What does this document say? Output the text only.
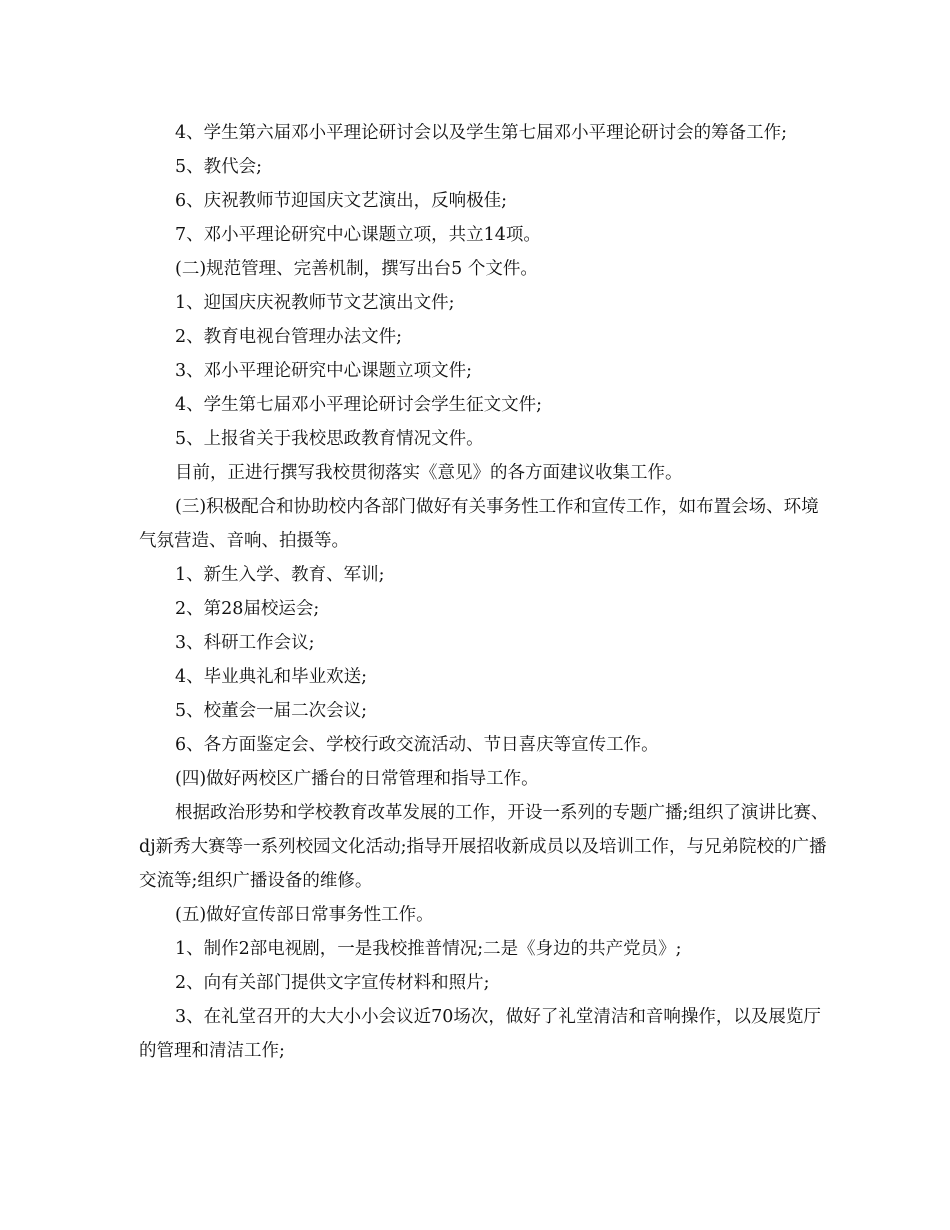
4、学生第六届邓小平理论研讨会以及学生第七届邓小平理论研讨会的筹备工作;

5、教代会;

6、庆祝教师节迎国庆文艺演出，反响极佳;

7、邓小平理论研究中心课题立项，共立14项。

(二)规范管理、完善机制，撰写出台5 个文件。

1、迎国庆庆祝教师节文艺演出文件;

2、教育电视台管理办法文件;

3、邓小平理论研究中心课题立项文件;

4、学生第七届邓小平理论研讨会学生征文文件;

5、上报省关于我校思政教育情况文件。

目前，正进行撰写我校贯彻落实《意见》的各方面建议收集工作。

(三)积极配合和协助校内各部门做好有关事务性工作和宣传工作，如布置会场、环境气氛营造、音响、拍摄等。

1、新生入学、教育、军训;

2、第28届校运会;

3、科研工作会议;

4、毕业典礼和毕业欢送;

5、校董会一届二次会议;

6、各方面鉴定会、学校行政交流活动、节日喜庆等宣传工作。

(四)做好两校区广播台的日常管理和指导工作。

根据政治形势和学校教育改革发展的工作，开设一系列的专题广播;组织了演讲比赛、dj新秀大赛等一系列校园文化活动;指导开展招收新成员以及培训工作，与兄弟院校的广播交流等;组织广播设备的维修。

(五)做好宣传部日常事务性工作。

1、制作2部电视剧，一是我校推普情况;二是《身边的共产党员》;

2、向有关部门提供文字宣传材料和照片;

3、在礼堂召开的大大小小会议近70场次，做好了礼堂清洁和音响操作，以及展览厅的管理和清洁工作;
